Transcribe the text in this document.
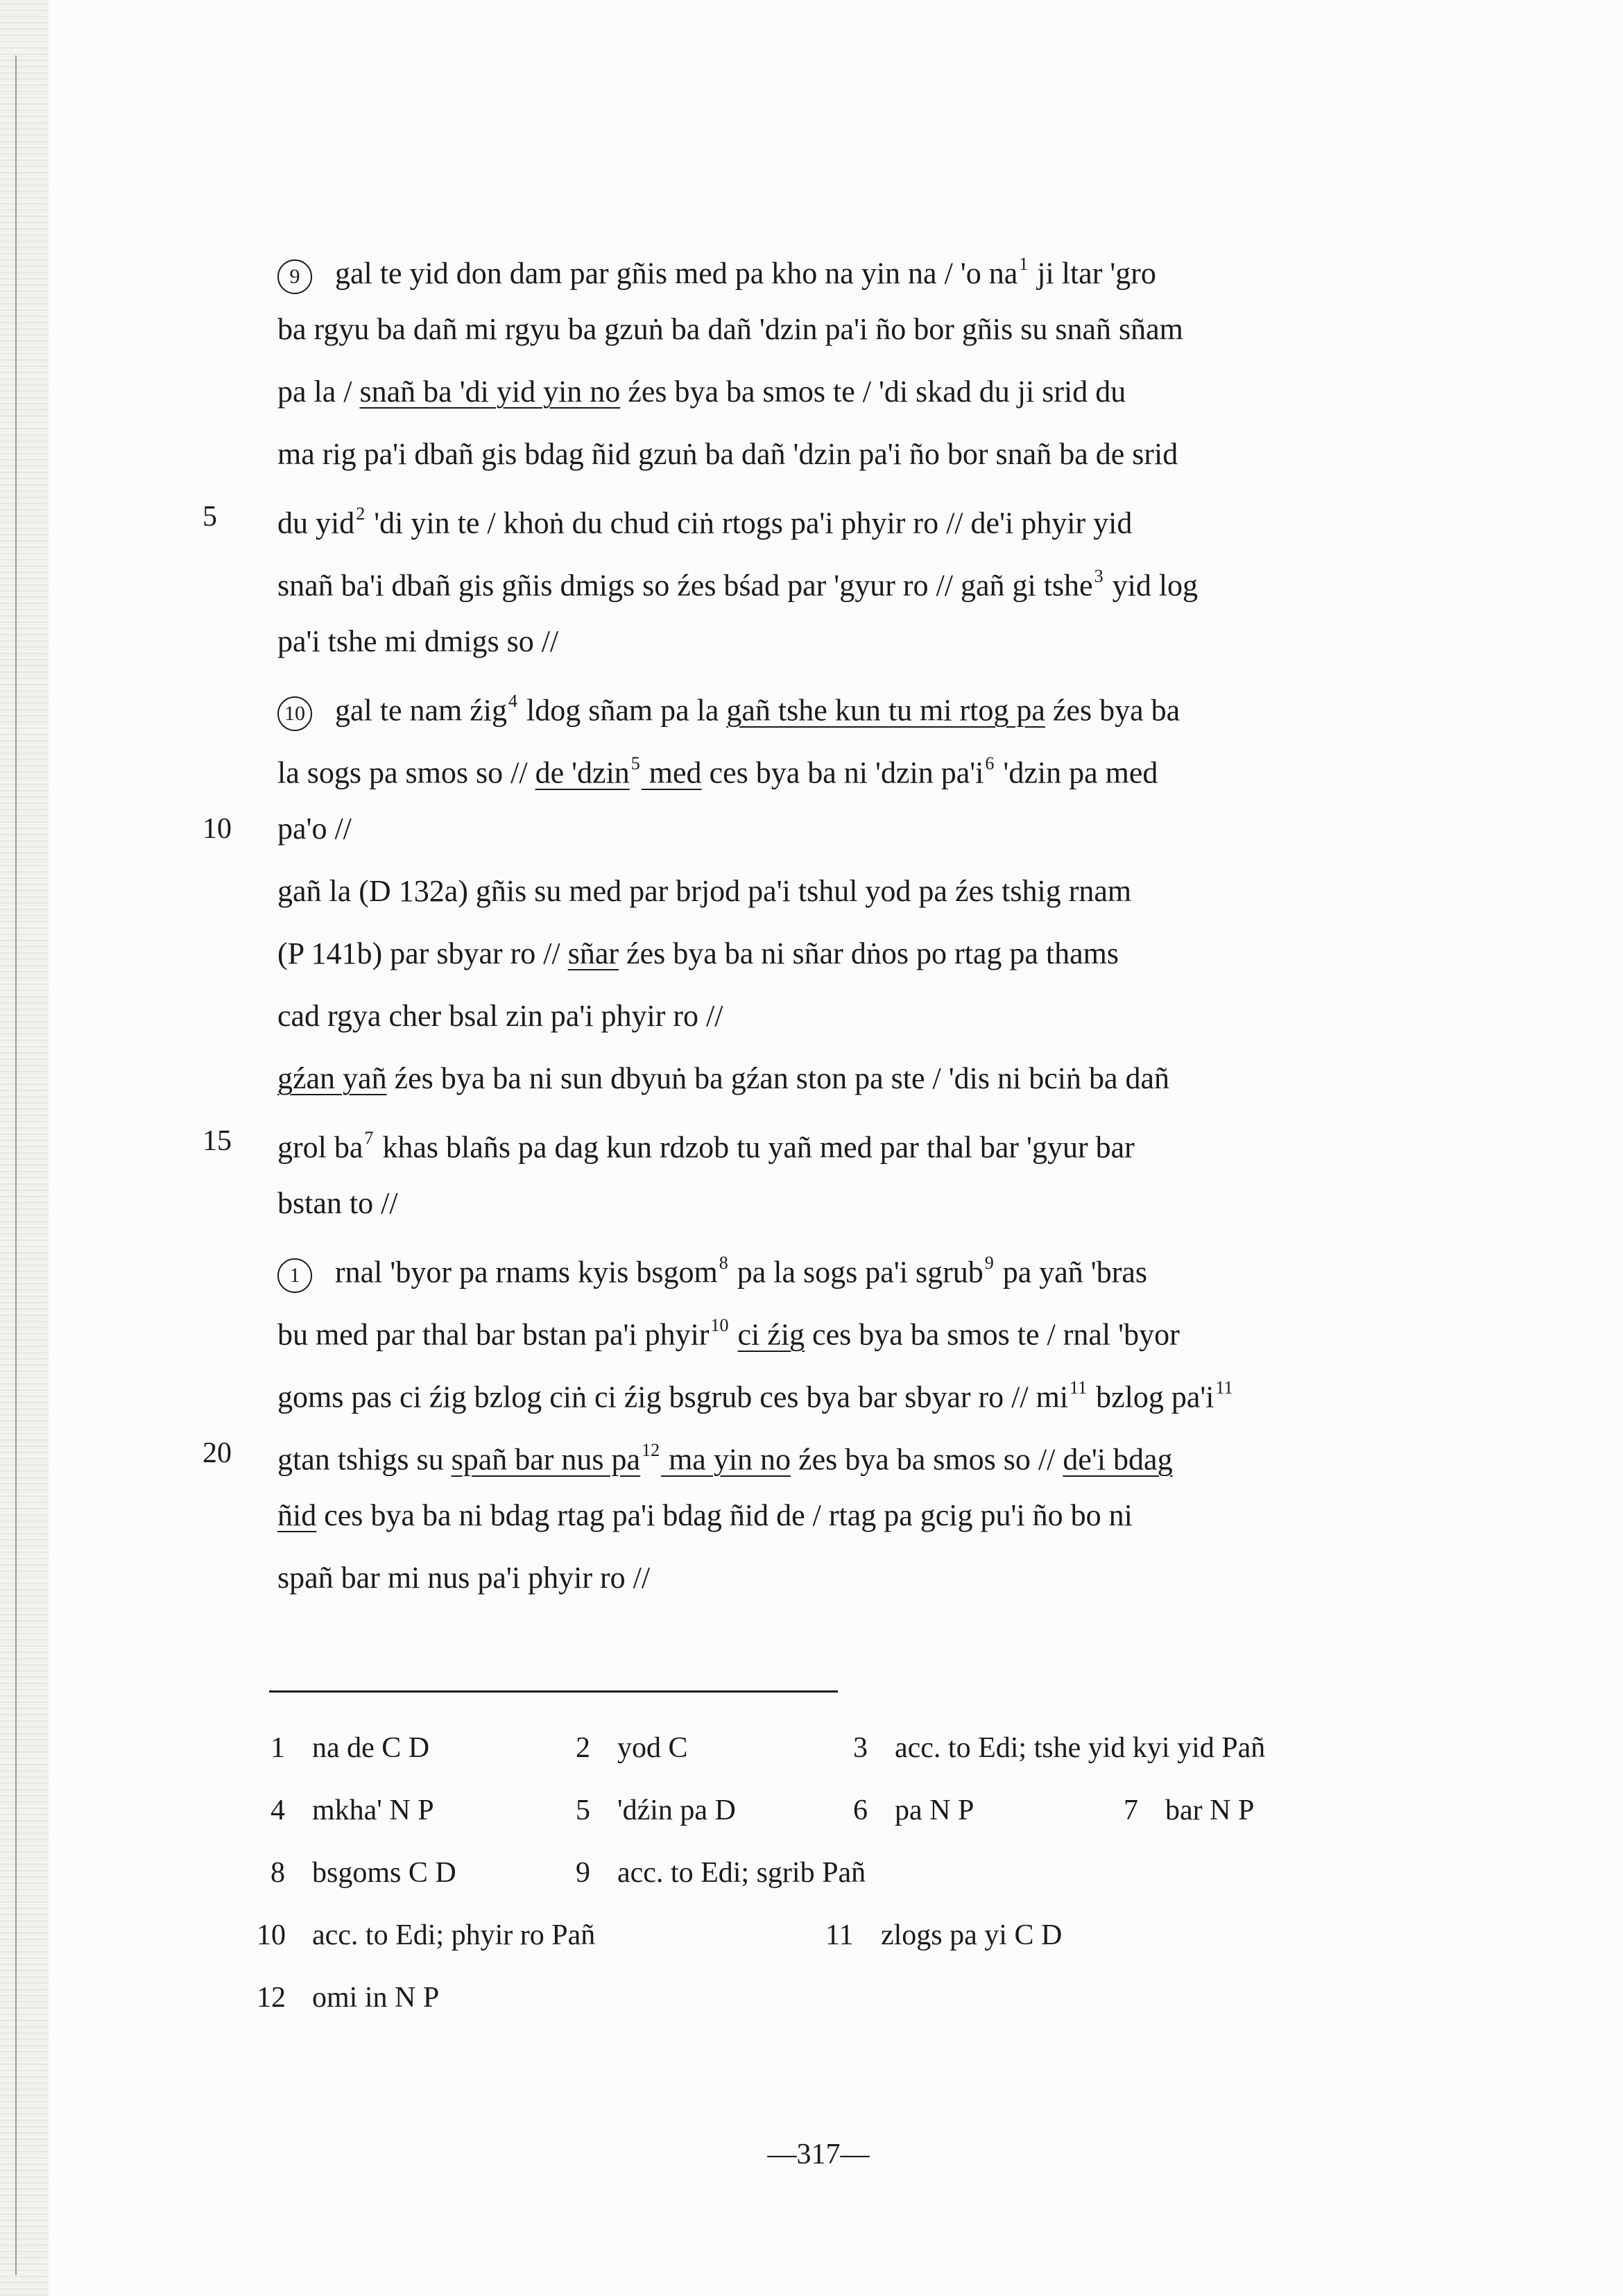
9 gal te yid don dam par gñis med pa kho na yin na / 'o na$^1$ ji ltar 'gro
ba rgyu ba dañ mi rgyu ba gzuṅ ba dañ 'dzin pa'i ño bor gñis su snañ sñam
pa la / snañ ba 'di yid yin no źes bya ba smos te / 'di skad du ji srid du
ma rig pa'i dbañ gis bdag ñid gzuṅ ba dañ 'dzin pa'i ño bor snañ ba de srid
5 du yid$^2$ 'di yin te / khoṅ du chud ciṅ rtogs pa'i phyir ro // de'i phyir yid
snañ ba'i dbañ gis gñis dmigs so źes bśad par 'gyur ro // gañ gi tshe$^3$ yid log
pa'i tshe mi dmigs so //
10 gal te nam źig$^4$ ldog sñam pa la gañ tshe kun tu mi rtog pa źes bya ba
la sogs pa smos so // de 'dzin$^5$ med ces bya ba ni 'dzin pa'i$^6$ 'dzin pa med
10 pa'o //
gañ la (D 132a) gñis su med par brjod pa'i tshul yod pa źes tshig rnam
(P 141b) par sbyar ro // sñar źes bya ba ni sñar dṅos po rtag pa thams
cad rgya cher bsal zin pa'i phyir ro //
gźan yañ źes bya ba ni sun dbyuṅ ba gźan ston pa ste / 'dis ni bciṅ ba dañ
15 grol ba$^7$ khas blañs pa dag kun rdzob tu yañ med par thal bar 'gyur bar
bstan to //
1 rnal 'byor pa rnams kyis bsgom$^8$ pa la sogs pa'i sgrub$^9$ pa yañ 'bras
bu med par thal bar bstan pa'i phyir$^{10}$ ci źig ces bya ba smos te / rnal 'byor
goms pas ci źig bzlog ciṅ ci źig bsgrub ces bya bar sbyar ro // mi$^{11}$ bzlog pa'i$^{11}$
20 gtan tshigs su spañ bar nus pa$^{12}$ ma yin no źes bya ba smos so // de'i bdag
ñid ces bya ba ni bdag rtag pa'i bdag ñid de / rtag pa gcig pu'i ño bo ni
spañ bar mi nus pa'i phyir ro //
1 na de C D	2 yod C	3 acc. to Edi; tshe yid kyi yid Pañ
4 mkha' N P	5 'dźin pa D	6 pa N P	7 bar N P
8 bsgoms C D	9 acc. to Edi; sgrib Pañ
10 acc. to Edi; phyir ro Pañ	11 zlogs pa yi C D
12 omi in N P
—317—
